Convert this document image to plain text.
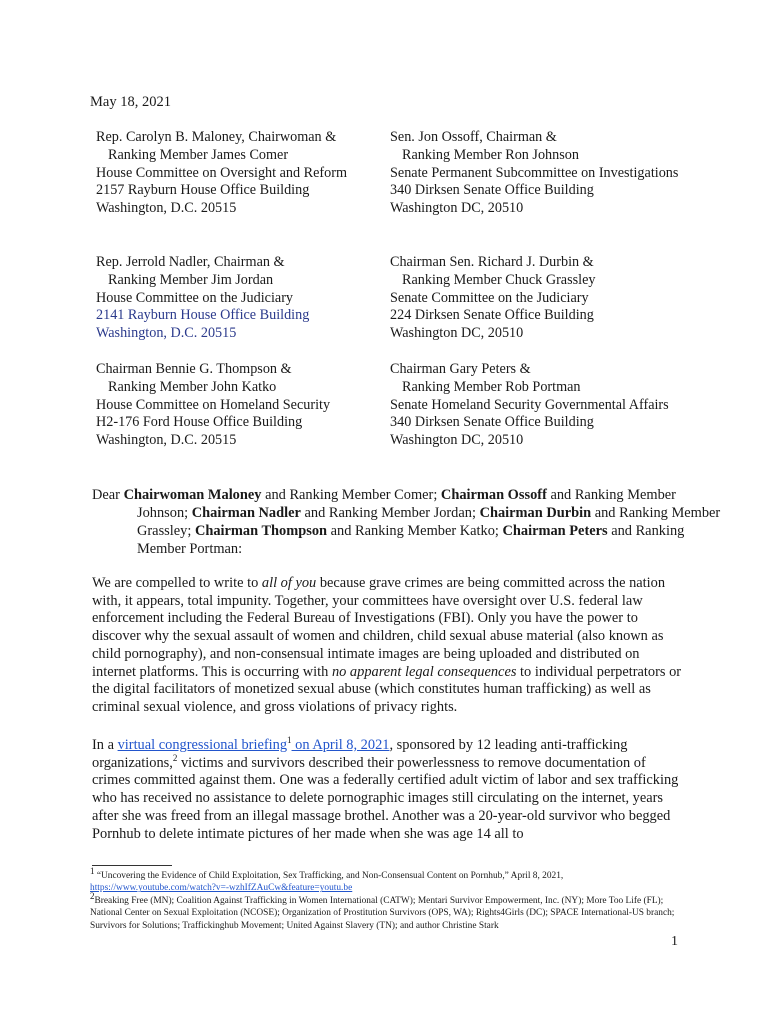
May 18, 2021
Rep. Carolyn B. Maloney, Chairwoman &
Ranking Member James Comer
House Committee on Oversight and Reform
2157 Rayburn House Office Building
Washington, D.C. 20515
Sen. Jon Ossoff, Chairman &
Ranking Member Ron Johnson
Senate Permanent Subcommittee on Investigations
340 Dirksen Senate Office Building
Washington DC, 20510
Rep. Jerrold Nadler, Chairman &
Ranking Member Jim Jordan
House Committee on the Judiciary
2141 Rayburn House Office Building
Washington, D.C. 20515
Chairman Sen. Richard J. Durbin &
Ranking Member Chuck Grassley
Senate Committee on the Judiciary
224 Dirksen Senate Office Building
Washington DC, 20510
Chairman Bennie G. Thompson &
Ranking Member John Katko
House Committee on Homeland Security
H2-176 Ford House Office Building
Washington, D.C. 20515
Chairman Gary Peters &
Ranking Member Rob Portman
Senate Homeland Security Governmental Affairs
340 Dirksen Senate Office Building
Washington DC, 20510
Dear Chairwoman Maloney and Ranking Member Comer; Chairman Ossoff and Ranking Member Johnson; Chairman Nadler and Ranking Member Jordan; Chairman Durbin and Ranking Member Grassley; Chairman Thompson and Ranking Member Katko; Chairman Peters and Ranking Member Portman:
We are compelled to write to all of you because grave crimes are being committed across the nation with, it appears, total impunity. Together, your committees have oversight over U.S. federal law enforcement including the Federal Bureau of Investigations (FBI). Only you have the power to discover why the sexual assault of women and children, child sexual abuse material (also known as child pornography), and non-consensual intimate images are being uploaded and distributed on internet platforms. This is occurring with no apparent legal consequences to individual perpetrators or the digital facilitators of monetized sexual abuse (which constitutes human trafficking) as well as criminal sexual violence, and gross violations of privacy rights.
In a virtual congressional briefing$^1$ on April 8, 2021, sponsored by 12 leading anti-trafficking organizations,$^2$ victims and survivors described their powerlessness to remove documentation of crimes committed against them. One was a federally certified adult victim of labor and sex trafficking who has received no assistance to delete pornographic images still circulating on the internet, years after she was freed from an illegal massage brothel. Another was a 20-year-old survivor who begged Pornhub to delete intimate pictures of her made when she was age 14 all to
$^1$ “Uncovering the Evidence of Child Exploitation, Sex Trafficking, and Non-Consensual Content on Pornhub,” April 8, 2021,
https://www.youtube.com/watch?v=-wzhIfZAuCw&feature=youtu.be
$^2$Breaking Free (MN); Coalition Against Trafficking in Women International (CATW); Mentari Survivor Empowerment, Inc. (NY); More Too Life (FL); National Center on Sexual Exploitation (NCOSE); Organization of Prostitution Survivors (OPS, WA); Rights4Girls (DC); SPACE International-US branch; Survivors for Solutions; Traffickinghub Movement; United Against Slavery (TN); and author Christine Stark
1
